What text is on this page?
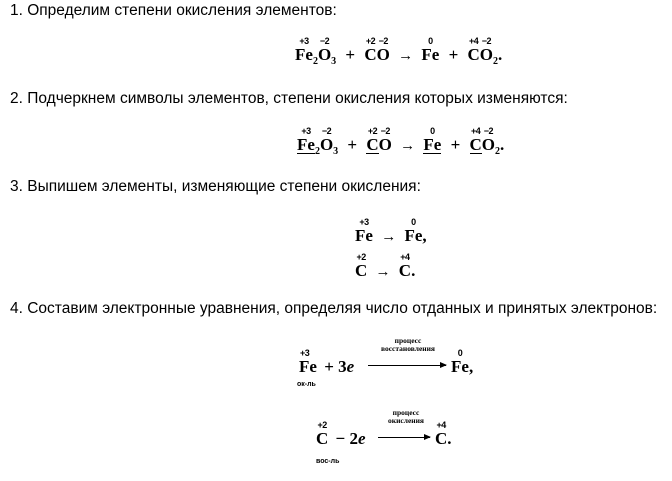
1. Определим степени окисления элементов:
+3
$Fe_2$
−2
$O_3$ +
+2
C
−2
O →
0
Fe +
+4
C
−2
$O_2$.
2. Подчеркнем символы элементов, степени окисления которых изменяются:
+3
$Fe_2$
−2
$O_3$ +
+2
C
−2
O →
0
Fe +
+4
C
−2
$O_2$.
3. Выпишем элементы, изменяющие степени окисления:
+3
Fe →
0
Fe,
+2
C →
+4
C.
4. Составим электронные уравнения, определяя число отданных и принятых электронов:
+3
Fe + 3e
процесс
восстановления	0
Fe,
ок-ль
+2
C − 2e
процесс
окисления	+4
C.
вос-ль
